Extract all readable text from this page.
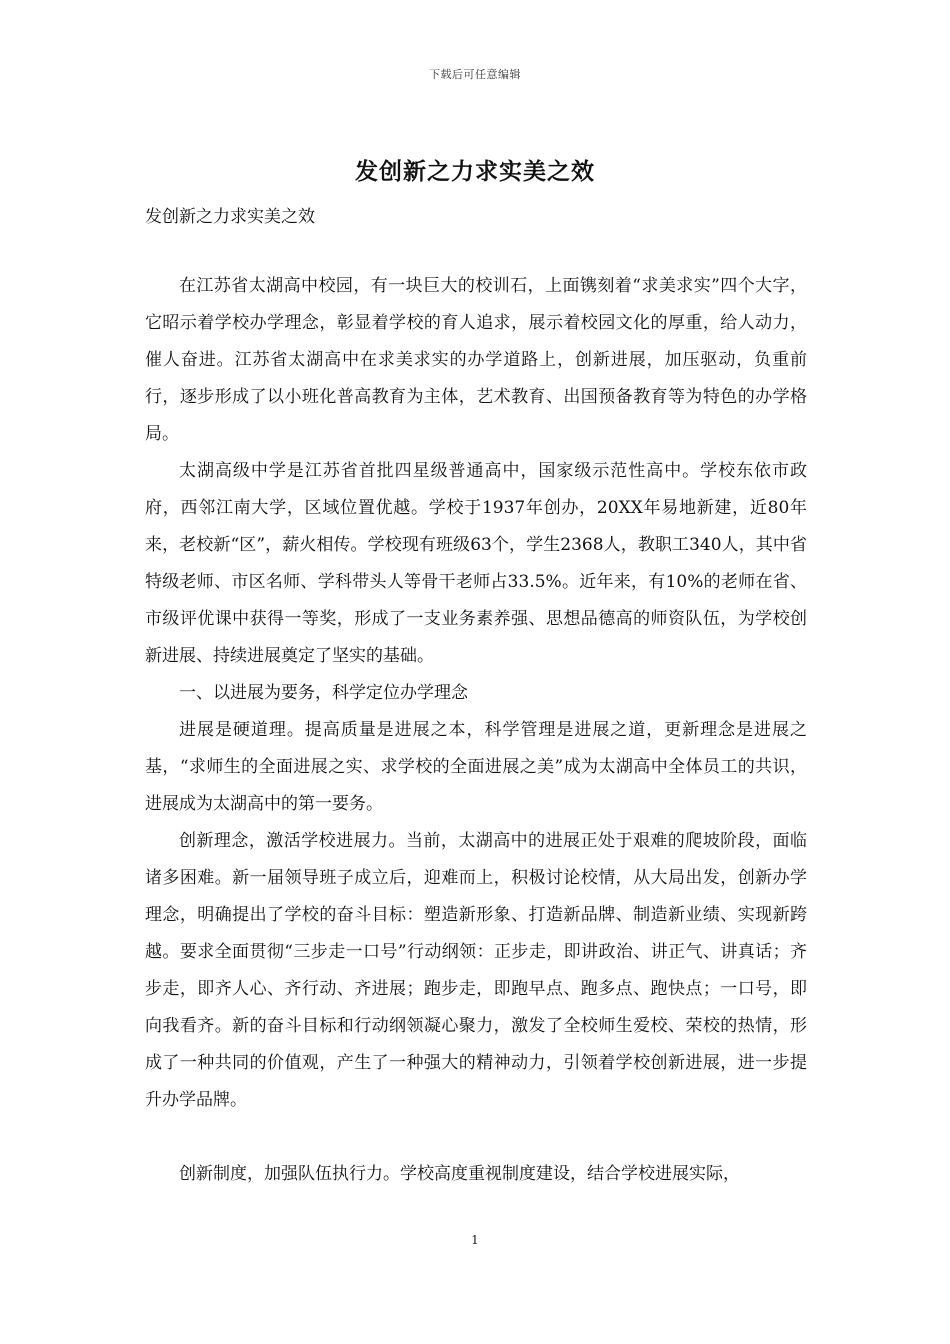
下载后可任意编辑
发创新之力求实美之效

发创新之力求实美之效

在江苏省太湖高中校园，有一块巨大的校训石，上面镌刻着“求美求实”四个大字，它昭示着学校办学理念，彰显着学校的育人追求，展示着校园文化的厚重，给人动力，催人奋进。江苏省太湖高中在求美求实的办学道路上，创新进展，加压驱动，负重前行，逐步形成了以小班化普高教育为主体，艺术教育、出国预备教育等为特色的办学格局。

太湖高级中学是江苏省首批四星级普通高中，国家级示范性高中。学校东依市政府，西邻江南大学，区域位置优越。学校于1937年创办，20XX年易地新建，近80年来，老校新“区”，薪火相传。学校现有班级63个，学生2368人，教职工340人，其中省特级老师、市区名师、学科带头人等骨干老师占33.5%。近年来，有10%的老师在省、市级评优课中获得一等奖，形成了一支业务素养强、思想品德高的师资队伍，为学校创新进展、持续进展奠定了坚实的基础。

一、以进展为要务，科学定位办学理念

进展是硬道理。提高质量是进展之本，科学管理是进展之道，更新理念是进展之基，“求师生的全面进展之实、求学校的全面进展之美”成为太湖高中全体员工的共识，进展成为太湖高中的第一要务。

创新理念，激活学校进展力。当前，太湖高中的进展正处于艰难的爬坡阶段，面临诸多困难。新一届领导班子成立后，迎难而上，积极讨论校情，从大局出发，创新办学理念，明确提出了学校的奋斗目标：塑造新形象、打造新品牌、制造新业绩、实现新跨越。要求全面贯彻“三步走一口号”行动纲领：正步走，即讲政治、讲正气、讲真话；齐步走，即齐人心、齐行动、齐进展；跑步走，即跑早点、跑多点、跑快点；一口号，即向我看齐。新的奋斗目标和行动纲领凝心聚力，激发了全校师生爱校、荣校的热情，形成了一种共同的价值观，产生了一种强大的精神动力，引领着学校创新进展，进一步提升办学品牌。

创新制度，加强队伍执行力。学校高度重视制度建设，结合学校进展实际，

1
